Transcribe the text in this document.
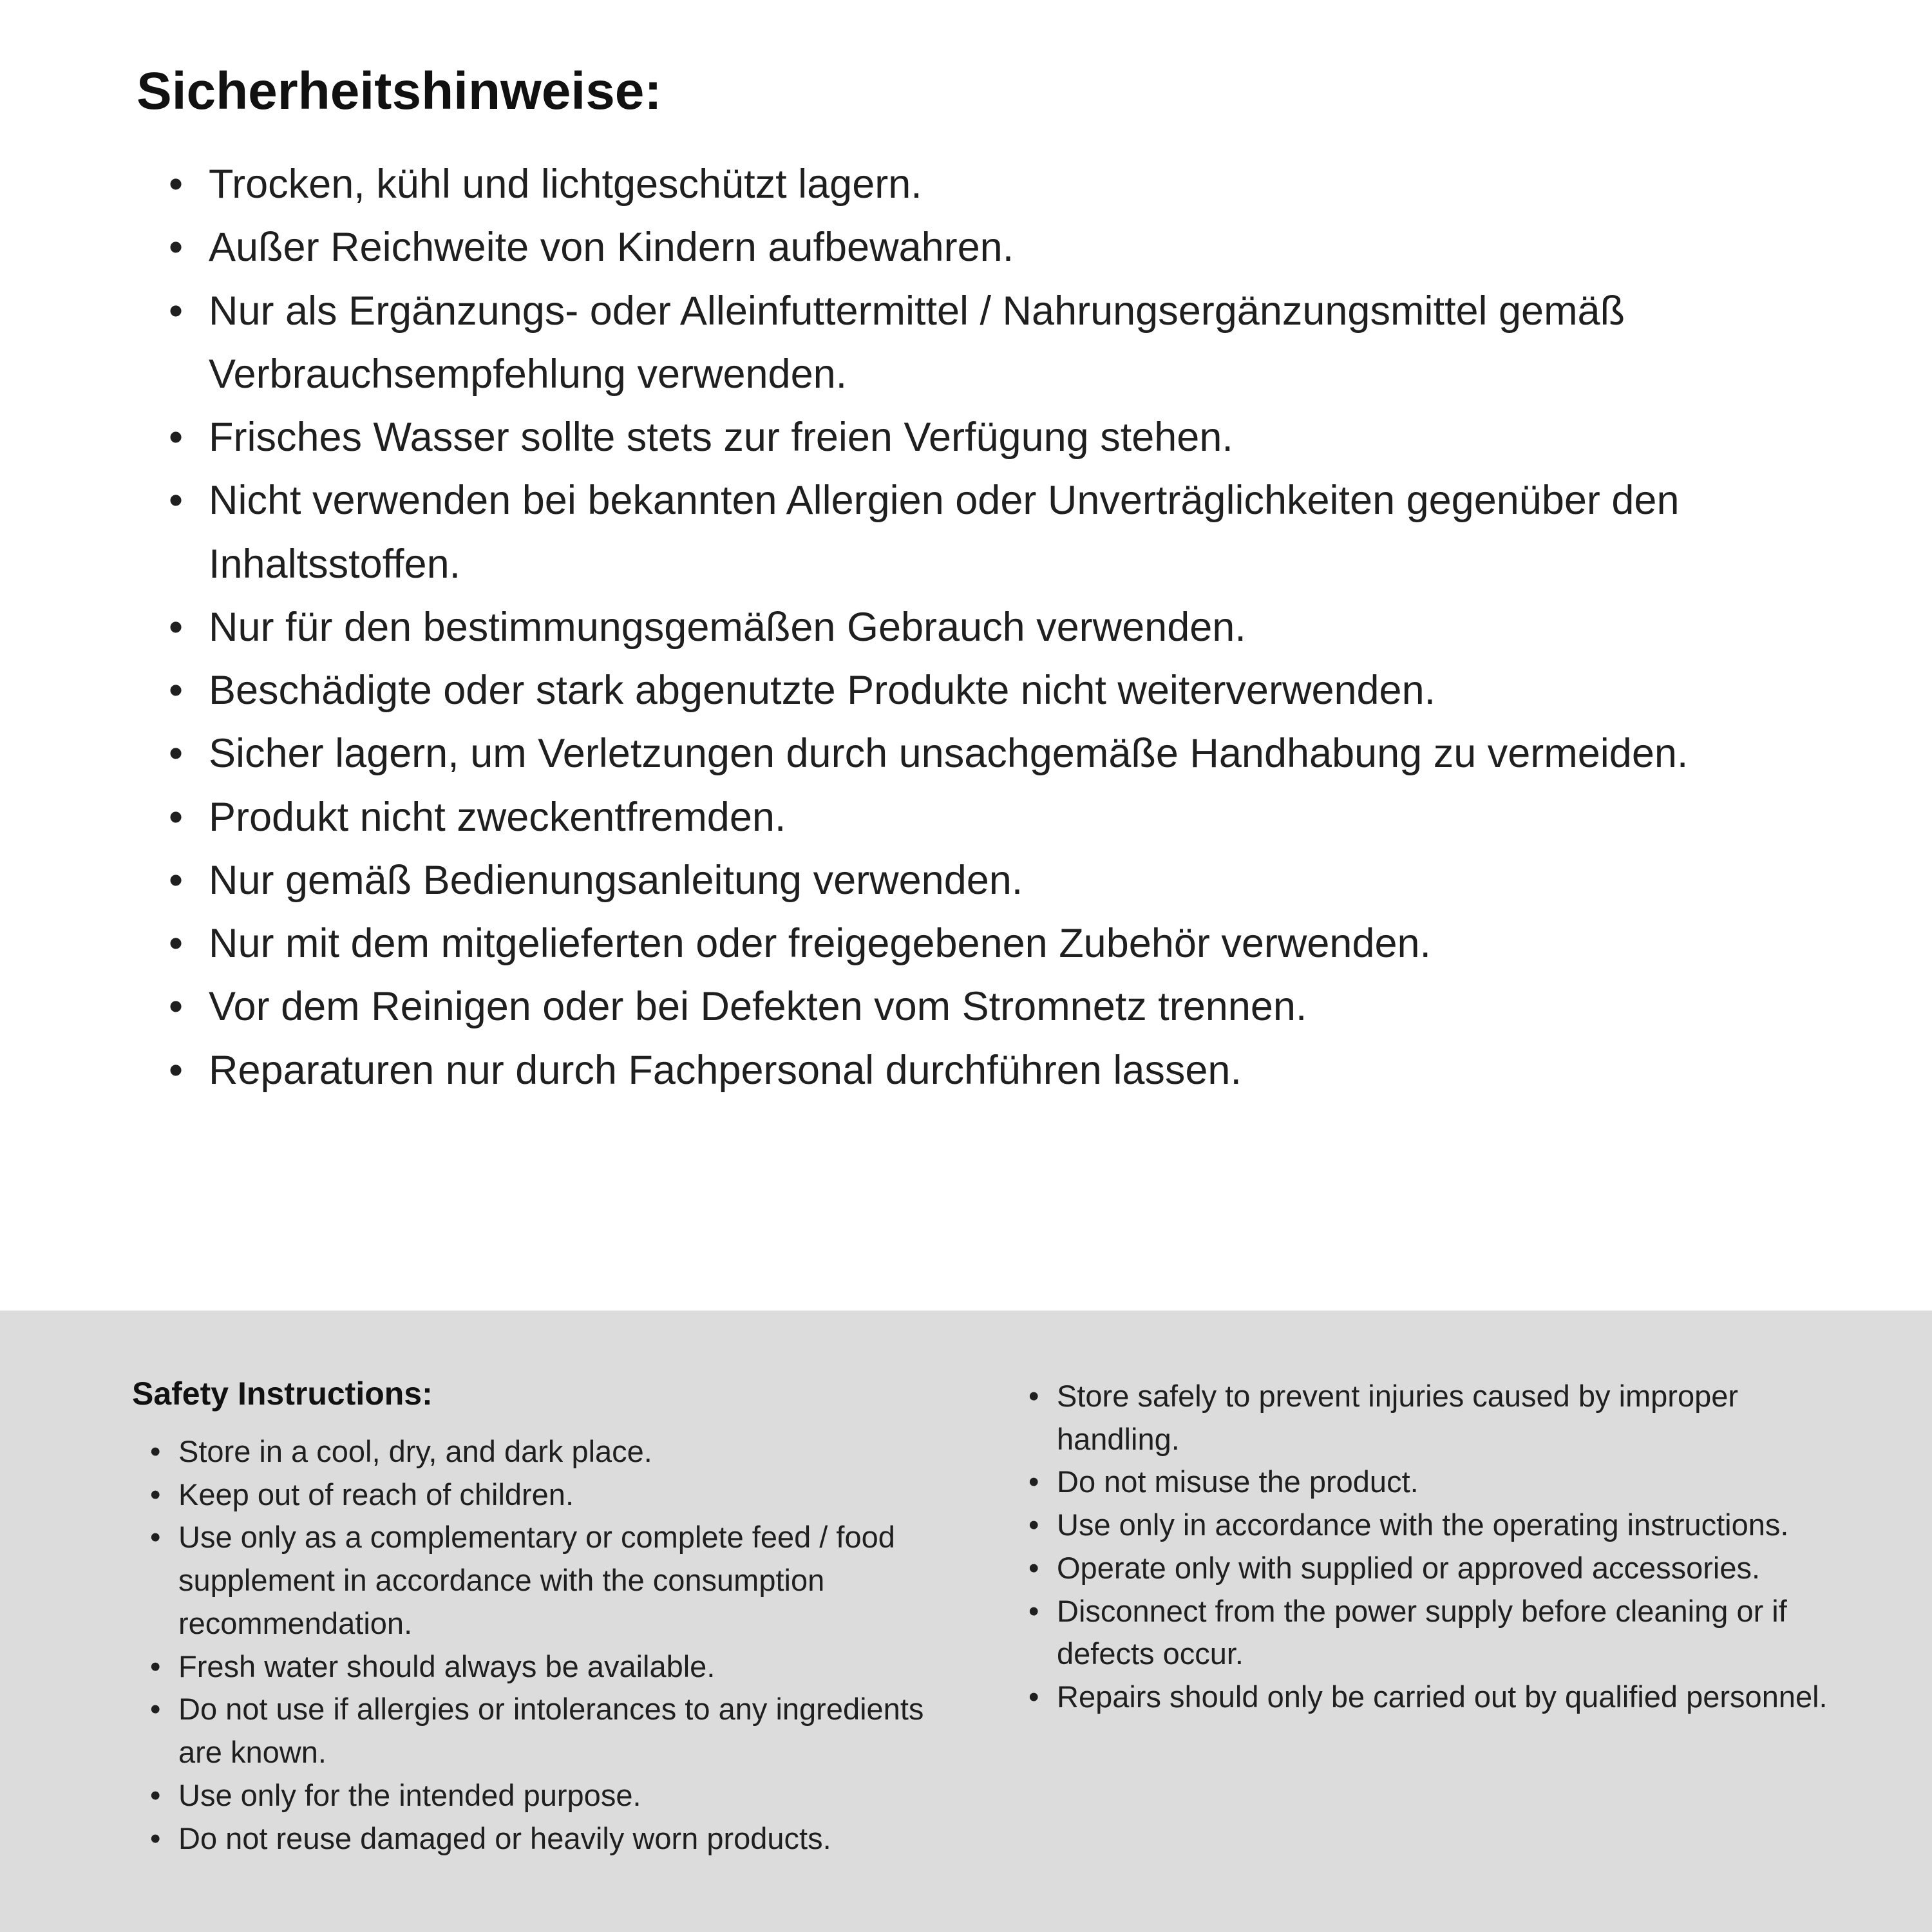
Sicherheitshinweise:
• Trocken, kühl und lichtgeschützt lagern.
• Außer Reichweite von Kindern aufbewahren.
• Nur als Ergänzungs- oder Alleinfuttermittel / Nahrungsergänzungsmittel gemäß Verbrauchsempfehlung verwenden.
• Frisches Wasser sollte stets zur freien Verfügung stehen.
• Nicht verwenden bei bekannten Allergien oder Unverträglichkeiten gegenüber den Inhaltsstoffen.
• Nur für den bestimmungsgemäßen Gebrauch verwenden.
• Beschädigte oder stark abgenutzte Produkte nicht weiterverwenden.
• Sicher lagern, um Verletzungen durch unsachgemäße Handhabung zu vermeiden.
• Produkt nicht zweckentfremden.
• Nur gemäß Bedienungsanleitung verwenden.
• Nur mit dem mitgelieferten oder freigegebenen Zubehör verwenden.
• Vor dem Reinigen oder bei Defekten vom Stromnetz trennen.
• Reparaturen nur durch Fachpersonal durchführen lassen.
Safety Instructions:
• Store in a cool, dry, and dark place.
• Keep out of reach of children.
• Use only as a complementary or complete feed / food supplement in accordance with the consumption recommendation.
• Fresh water should always be available.
• Do not use if allergies or intolerances to any ingredients are known.
• Use only for the intended purpose.
• Do not reuse damaged or heavily worn products.
• Store safely to prevent injuries caused by improper handling.
• Do not misuse the product.
• Use only in accordance with the operating instructions.
• Operate only with supplied or approved accessories.
• Disconnect from the power supply before cleaning or if defects occur.
• Repairs should only be carried out by qualified personnel.
